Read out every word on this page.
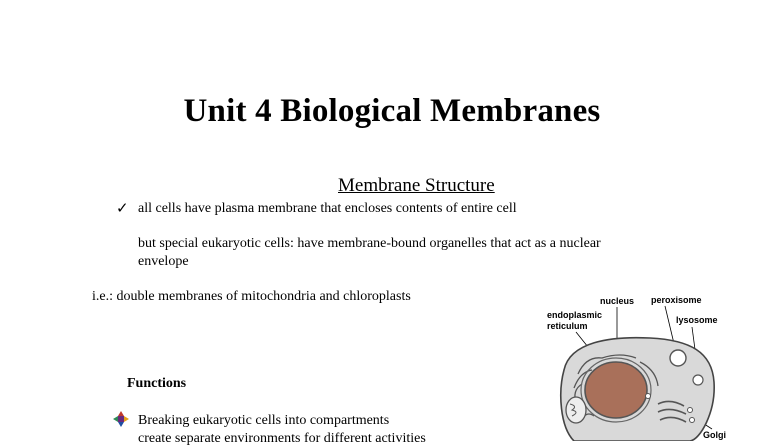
Unit 4 Biological Membranes
Membrane Structure
✓ all cells have plasma membrane that encloses contents of entire cell
but special eukaryotic cells: have membrane-bound organelles that act as a nuclear
envelope
i.e.: double membranes of mitochondria and chloroplasts
Functions
Breaking eukaryotic cells into compartments
create separate environments for different activities
nucleus peroxisome
endoplasmic
reticulum
lysosome
Golgi
